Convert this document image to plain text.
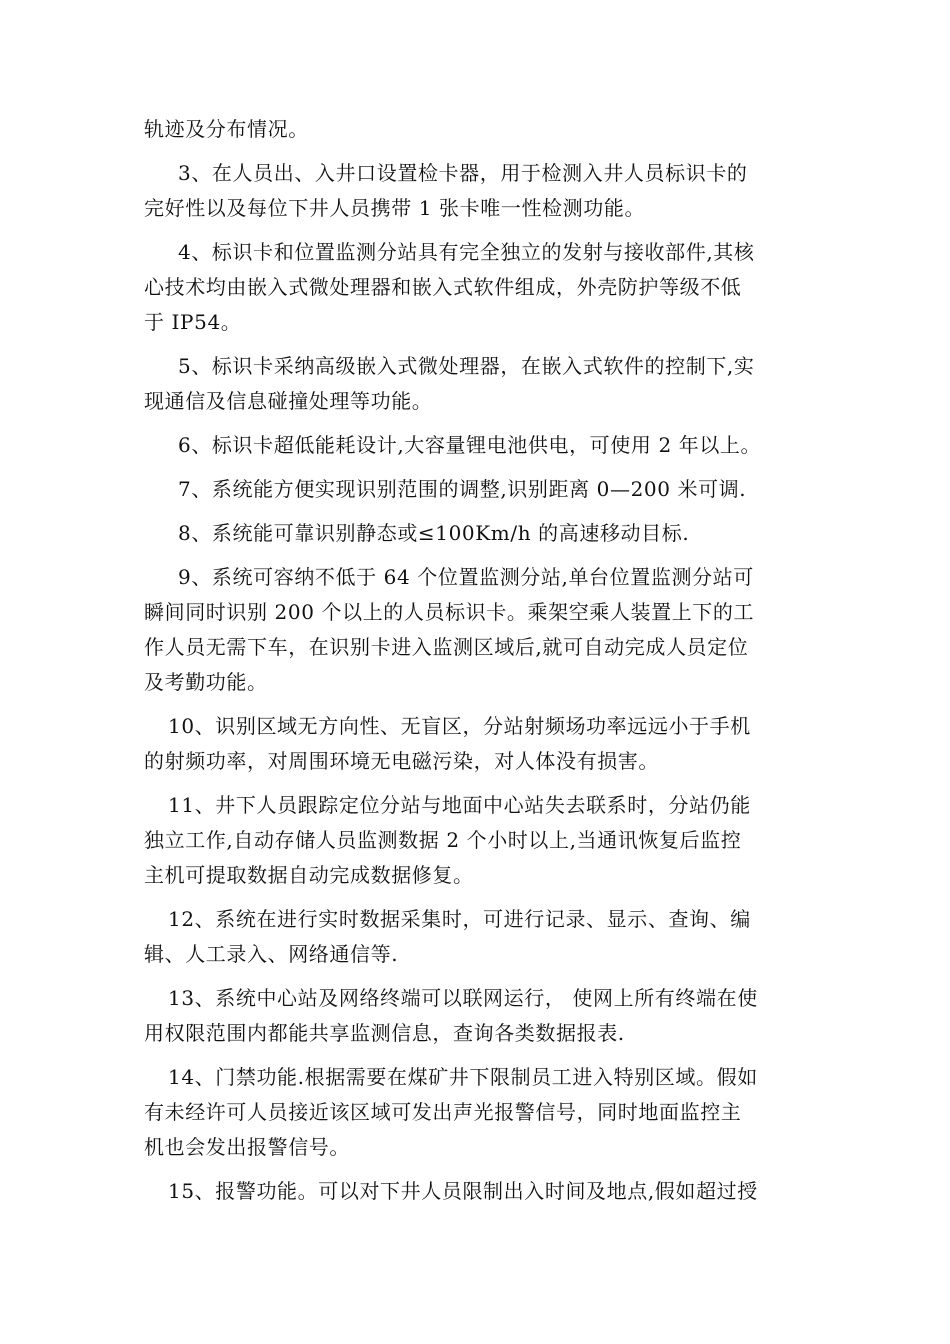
轨迹及分布情况。

3、在人员出、入井口设置检卡器，用于检测入井人员标识卡的
完好性以及每位下井人员携带 1 张卡唯一性检测功能。

4、标识卡和位置监测分站具有完全独立的发射与接收部件,其核
心技术均由嵌入式微处理器和嵌入式软件组成，外壳防护等级不低
于 IP54。

5、标识卡采纳高级嵌入式微处理器，在嵌入式软件的控制下,实
现通信及信息碰撞处理等功能。

6、标识卡超低能耗设计,大容量锂电池供电，可使用 2 年以上。

7、系统能方便实现识别范围的调整,识别距离 0—200 米可调.

8、系统能可靠识别静态或≤100Km/h 的高速移动目标.

9、系统可容纳不低于 64 个位置监测分站,单台位置监测分站可
瞬间同时识别 200 个以上的人员标识卡。乘架空乘人装置上下的工
作人员无需下车，在识别卡进入监测区域后,就可自动完成人员定位
及考勤功能。

10、识别区域无方向性、无盲区，分站射频场功率远远小于手机
的射频功率，对周围环境无电磁污染，对人体没有损害。

11、井下人员跟踪定位分站与地面中心站失去联系时，分站仍能
独立工作,自动存储人员监测数据 2 个小时以上,当通讯恢复后监控
主机可提取数据自动完成数据修复。

12、系统在进行实时数据采集时，可进行记录、显示、查询、编
辑、人工录入、网络通信等.

13、系统中心站及网络终端可以联网运行， 使网上所有终端在使
用权限范围内都能共享监测信息，查询各类数据报表.

14、门禁功能.根据需要在煤矿井下限制员工进入特别区域。假如
有未经许可人员接近该区域可发出声光报警信号，同时地面监控主
机也会发出报警信号。

15、报警功能。可以对下井人员限制出入时间及地点,假如超过授
